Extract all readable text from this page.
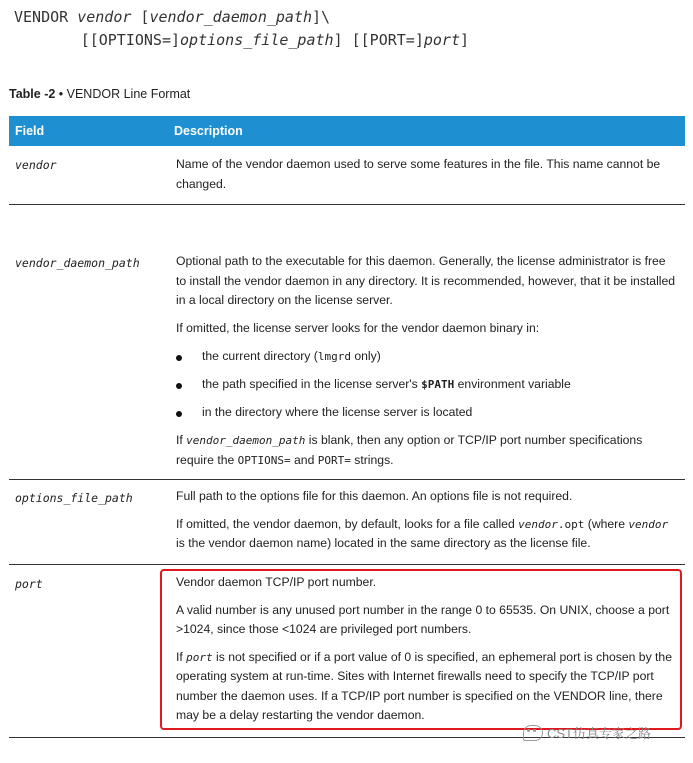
VENDOR vendor [vendor_daemon_path]\
[[OPTIONS=]options_file_path] [[PORT=]port]
Table -2 • VENDOR Line Format
Field	Description
vendor	Name of the vendor daemon used to serve some features in the file. This name cannot be changed.

vendor_daemon_path	Optional path to the executable for this daemon. Generally, the license administrator is free to install the vendor daemon in any directory. It is recommended, however, that it be installed in a local directory on the license server.

If omitted, the license server looks for the vendor daemon binary in:

the current directory (lmgrd only)
the path specified in the license server's $PATH environment variable
in the directory where the license server is located

If vendor_daemon_path is blank, then any option or TCP/IP port number specifications require the OPTIONS= and PORT= strings.

options_file_path	Full path to the options file for this daemon. An options file is not required.

If omitted, the vendor daemon, by default, looks for a file called vendor.opt (where vendor is the vendor daemon name) located in the same directory as the license file.

port	Vendor daemon TCP/IP port number.

A valid number is any unused port number in the range 0 to 65535. On UNIX, choose a port >1024, since those <1024 are privileged port numbers.

If port is not specified or if a port value of 0 is specified, an ephemeral port is chosen by the operating system at run-time. Sites with Internet firewalls need to specify the TCP/IP port number the daemon uses. If a TCP/IP port number is specified on the VENDOR line, there may be a delay restarting the vendor daemon.

CST仿真专家之路
